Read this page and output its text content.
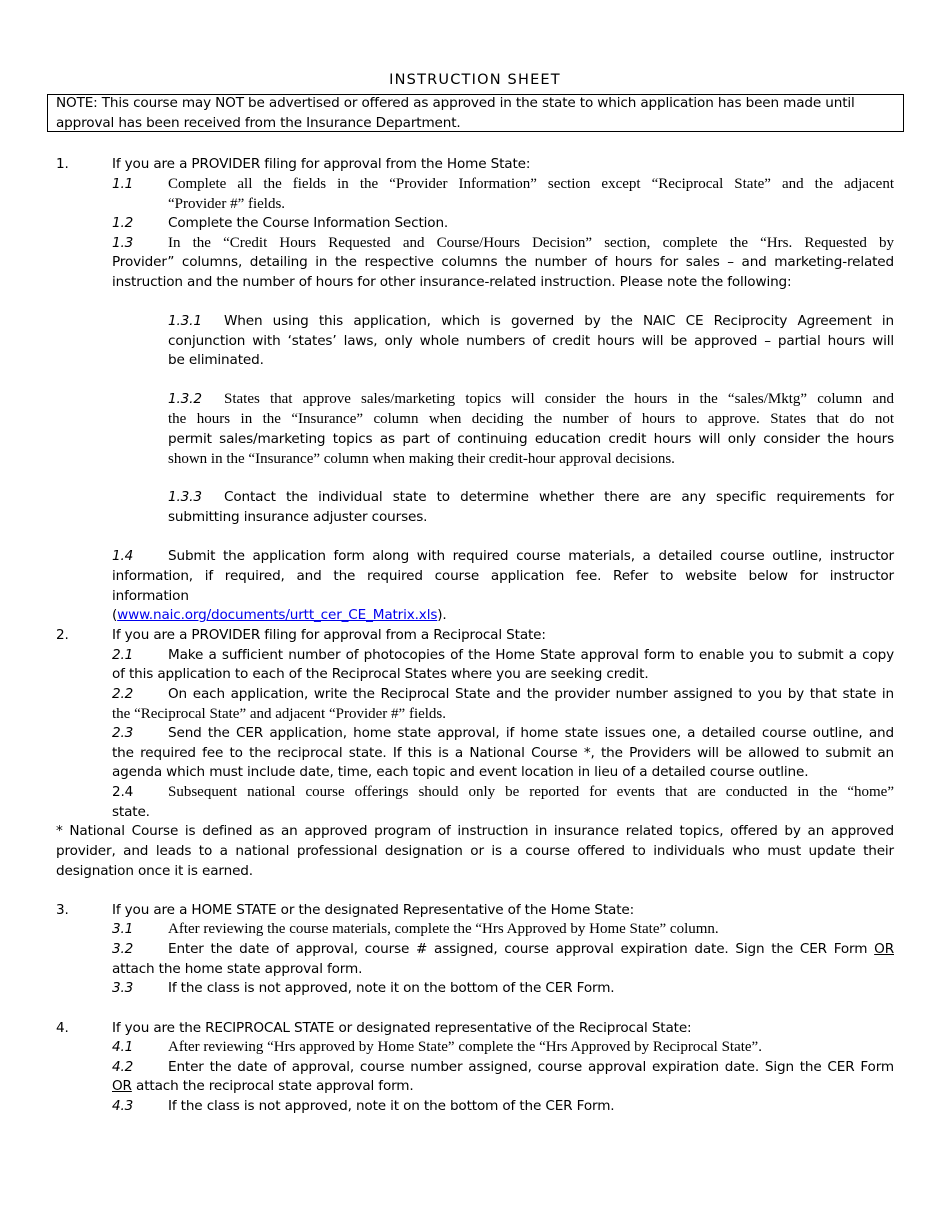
INSTRUCTION SHEET
NOTE: This course may NOT be advertised or offered as approved in the state to which application has been made until
approval has been received from the Insurance Department.
1.	If you are a PROVIDER filing for approval from the Home State:
1.1 Complete all the fields in the “Provider Information” section except “Reciprocal State” and the adjacent
“Provider #” fields.
1.2	Complete the Course Information Section.
1.3 In the “Credit Hours Requested and Course/Hours Decision” section, complete the “Hrs. Requested by
Provider” columns, detailing in the respective columns the number of hours for sales – and marketing-related
instruction and the number of hours for other insurance-related instruction. Please note the following:
1.3.1 When using this application, which is governed by the NAIC CE Reciprocity Agreement in
conjunction with ‘states’ laws, only whole numbers of credit hours will be approved – partial hours will
be eliminated.
1.3.2 States that approve sales/marketing topics will consider the hours in the “sales/Mktg” column and
the hours in the “Insurance” column when deciding the number of hours to approve. States that do not
permit sales/marketing topics as part of continuing education credit hours will only consider the hours
shown in the “Insurance” column when making their credit-hour approval decisions.
1.3.3 Contact the individual state to determine whether there are any specific requirements for
submitting insurance adjuster courses.
1.4	Submit the application form along with required course materials, a detailed course outline, instructor
information, if required, and the required course application fee. Refer to website below for instructor
information
(www.naic.org/documents/urtt_cer_CE_Matrix.xls).
2.	If you are a PROVIDER filing for approval from a Reciprocal State:
2.1	Make a sufficient number of photocopies of the Home State approval form to enable you to submit a copy
of this application to each of the Reciprocal States where you are seeking credit.
2.2	On each application, write the Reciprocal State and the provider number assigned to you by that state in
the “Reciprocal State” and adjacent “Provider #” fields.
2.3	Send the CER application, home state approval, if home state issues one, a detailed course outline, and
the required fee to the reciprocal state. If this is a National Course *, the Providers will be allowed to submit an
agenda which must include date, time, each topic and event location in lieu of a detailed course outline.
2.4 Subsequent national course offerings should only be reported for events that are conducted in the “home”
state.
* National Course is defined as an approved program of instruction in insurance related topics, offered by an approved
provider, and leads to a national professional designation or is a course offered to individuals who must update their
designation once it is earned.
3.	If you are a HOME STATE or the designated Representative of the Home State:
3.1 After reviewing the course materials, complete the “Hrs Approved by Home State” column.
3.2	Enter the date of approval, course # assigned, course approval expiration date. Sign the CER Form OR
attach the home state approval form.
3.3	If the class is not approved, note it on the bottom of the CER Form.
4.	If you are the RECIPROCAL STATE or designated representative of the Reciprocal State:
4.1 After reviewing “Hrs approved by Home State” complete the “Hrs Approved by Reciprocal State”.
4.2	Enter the date of approval, course number assigned, course approval expiration date. Sign the CER Form
OR attach the reciprocal state approval form.
4.3	If the class is not approved, note it on the bottom of the CER Form.
